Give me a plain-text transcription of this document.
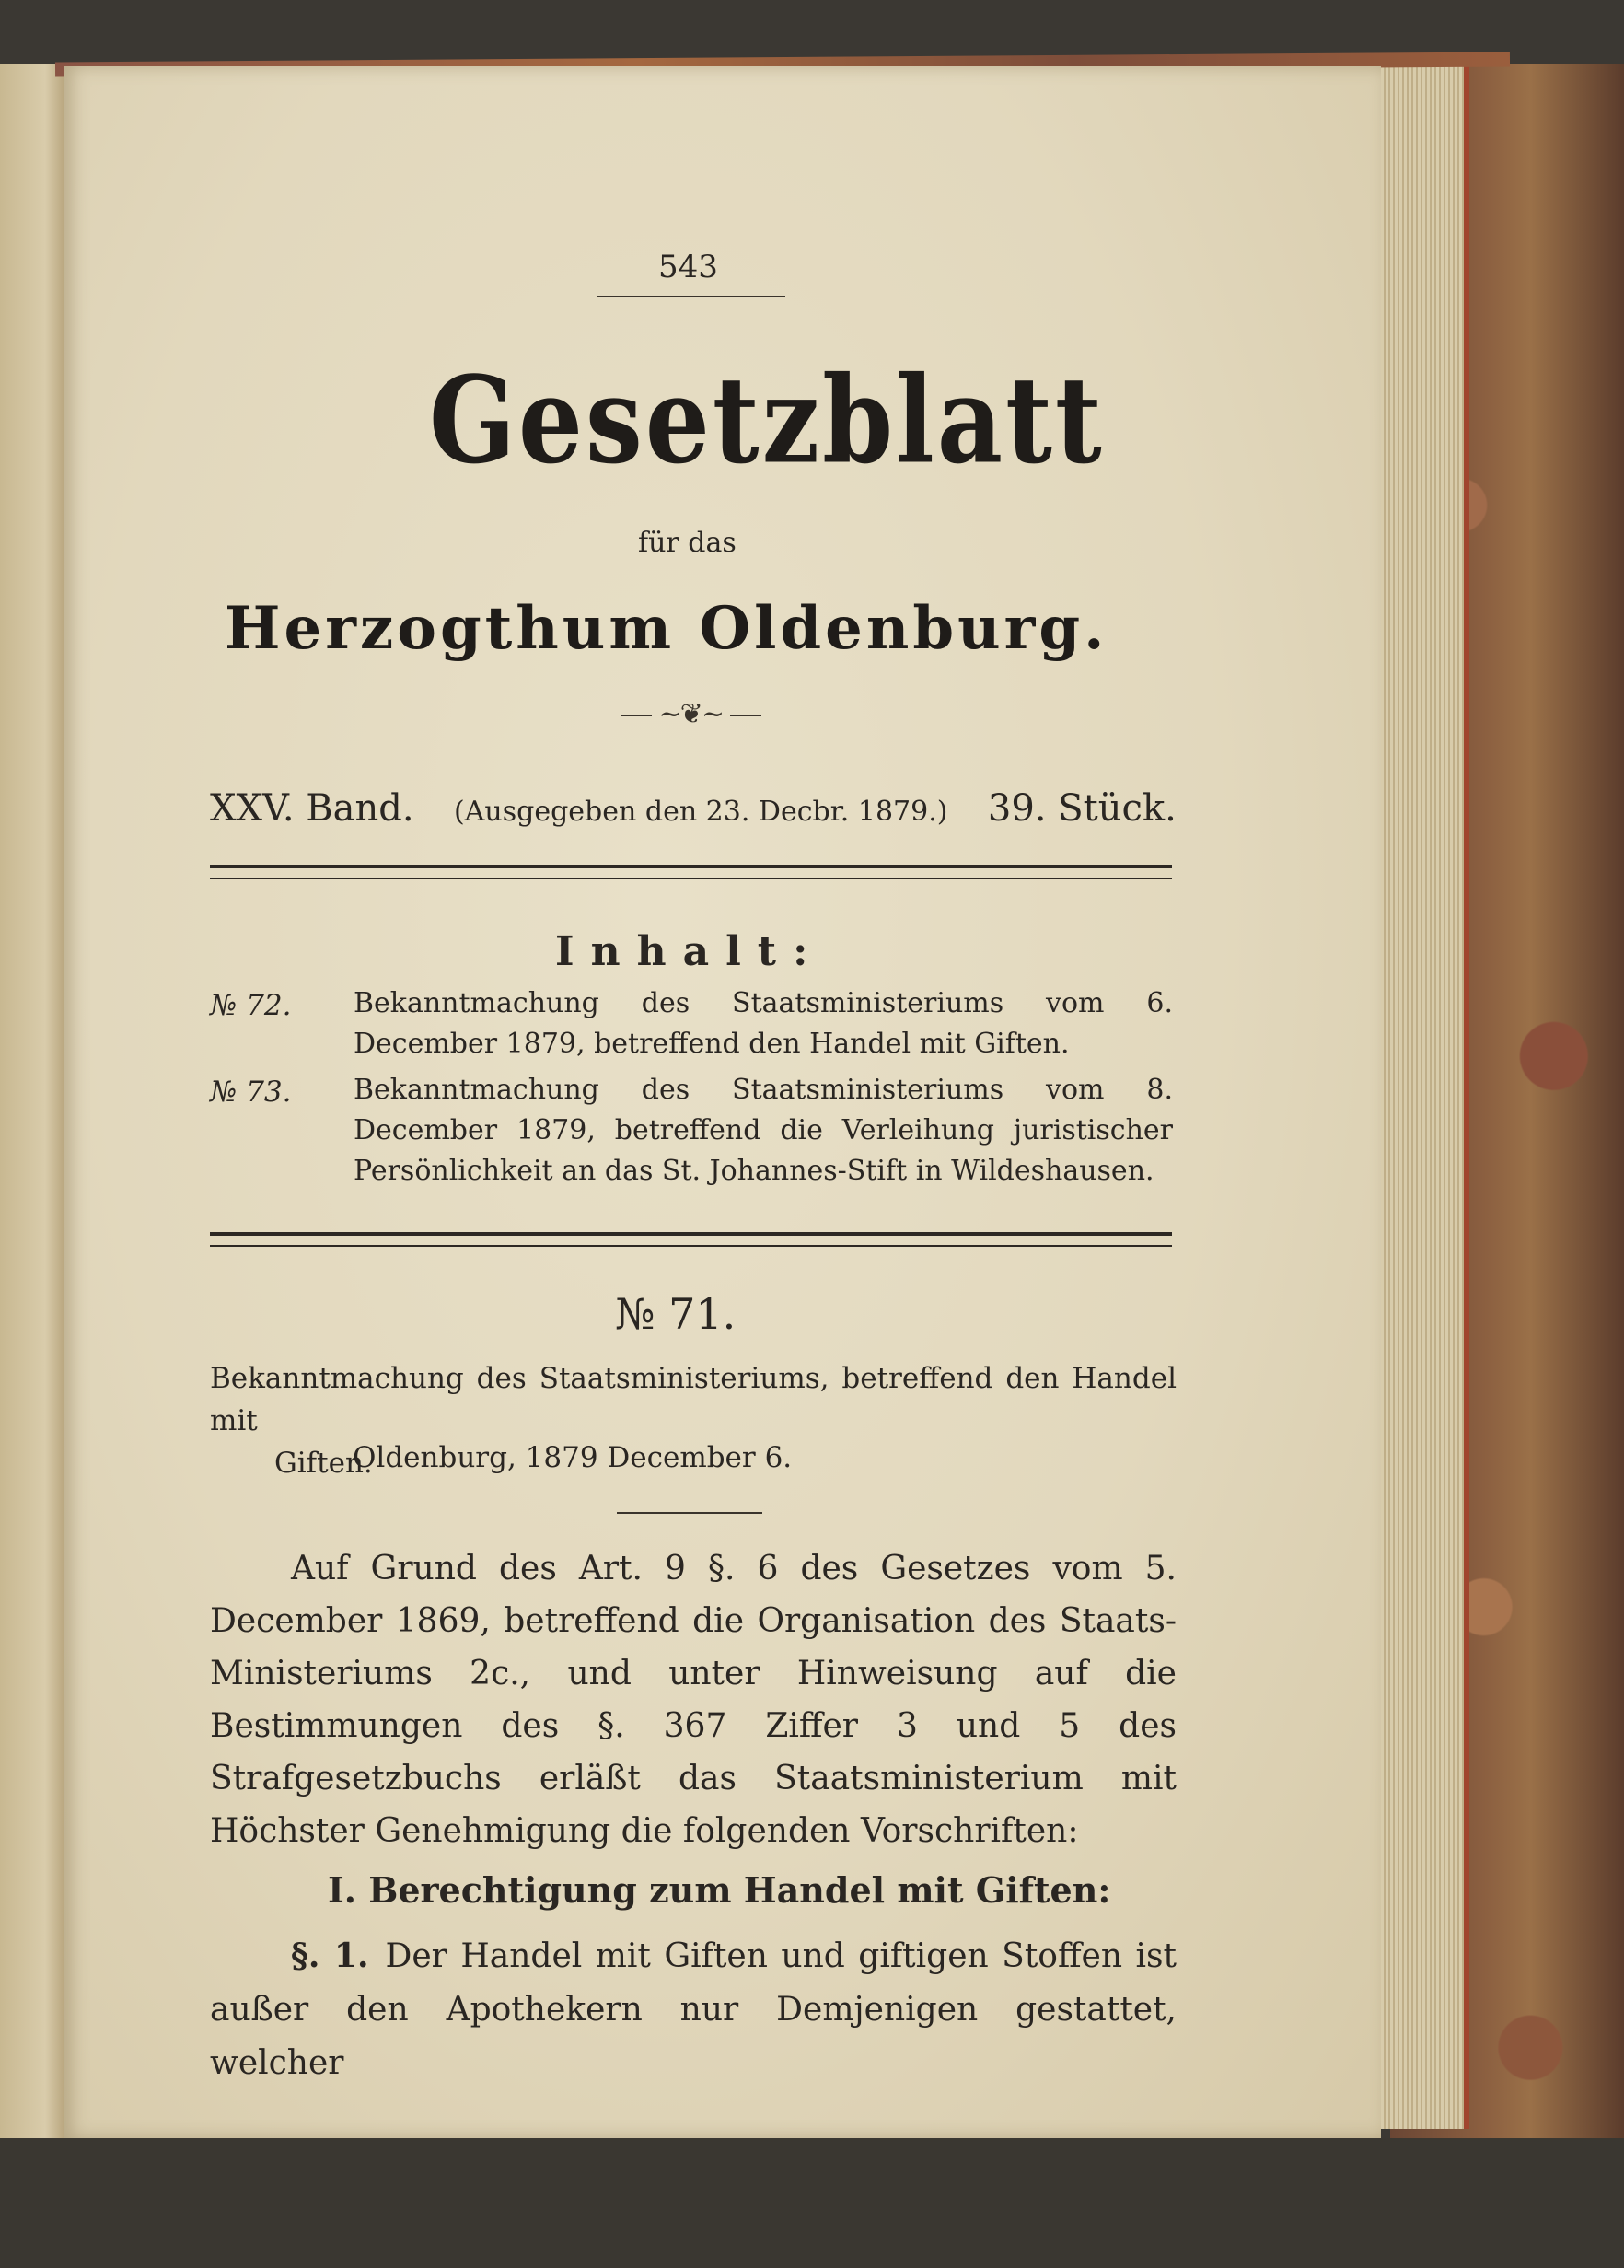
543
Gesetzblatt
für das
Herzogthum Oldenburg.
~❦~
XXV. Band. (Ausgegeben den 23. Decbr. 1879.) 39. Stück.
Inhalt:
№ 72. Bekanntmachung des Staatsministeriums vom 6. December 1879, betreffend den Handel mit Giften.
№ 73. Bekanntmachung des Staatsministeriums vom 8. December 1879, betreffend die Verleihung juristischer Persönlichkeit an das St. Johannes-Stift in Wildeshausen.
№ 71.
Bekanntmachung des Staatsministeriums, betreffend den Handel mit
Giften.
Oldenburg, 1879 December 6.
Auf Grund des Art. 9 §. 6 des Gesetzes vom 5. December 1869, betreffend die Organisation des Staats-Ministeriums 2c., und unter Hinweisung auf die Bestimmungen des §. 367 Ziffer 3 und 5 des Strafgesetzbuchs erläßt das Staatsministerium mit Höchster Genehmigung die folgenden Vorschriften:
I. Berechtigung zum Handel mit Giften:
§. 1. Der Handel mit Giften und giftigen Stoffen ist außer den Apothekern nur Demjenigen gestattet, welcher
